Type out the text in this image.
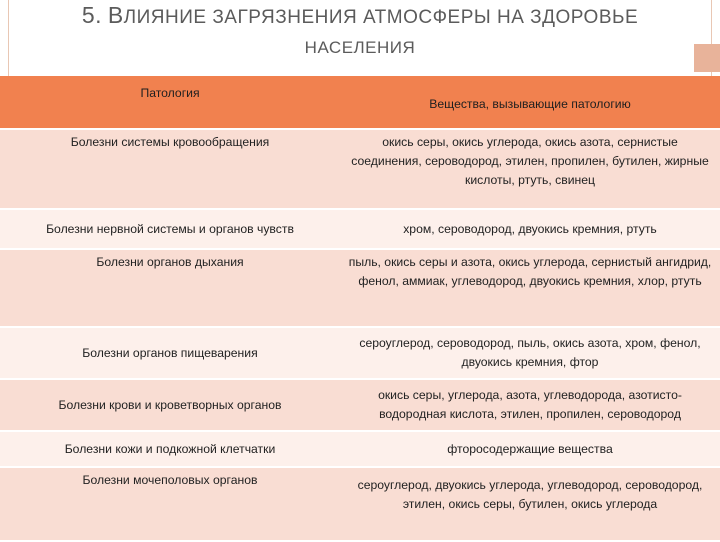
5. ВЛИЯНИЕ ЗАГРЯЗНЕНИЯ АТМОСФЕРЫ НА ЗДОРОВЬЕ
НАСЕЛЕНИЯ
Патология	Вещества, вызывающие патологию
Болезни системы кровообращения	окись серы, окись углерода, окись азота, сернистые соединения, сероводород, этилен, пропилен, бутилен, жирные кислоты, ртуть, свинец
Болезни нервной системы и органов чувств	хром, сероводород, двуокись кремния, ртуть
Болезни органов дыхания	пыль, окись серы и азота, окись углерода, сернистый ангидрид, фенол, аммиак, углеводород, двуокись кремния, хлор, ртуть
Болезни органов пищеварения	сероуглерод, сероводород, пыль, окись азота, хром, фенол, двуокись кремния, фтор
Болезни крови и кроветворных органов	окись серы, углерода, азота, углеводорода, азотисто-водородная кислота, этилен, пропилен, сероводород
Болезни кожи и подкожной клетчатки	фторосодержащие вещества
Болезни мочеполовых органов	сероуглерод, двуокись углерода, углеводород, сероводород, этилен, окись серы, бутилен, окись углерода
